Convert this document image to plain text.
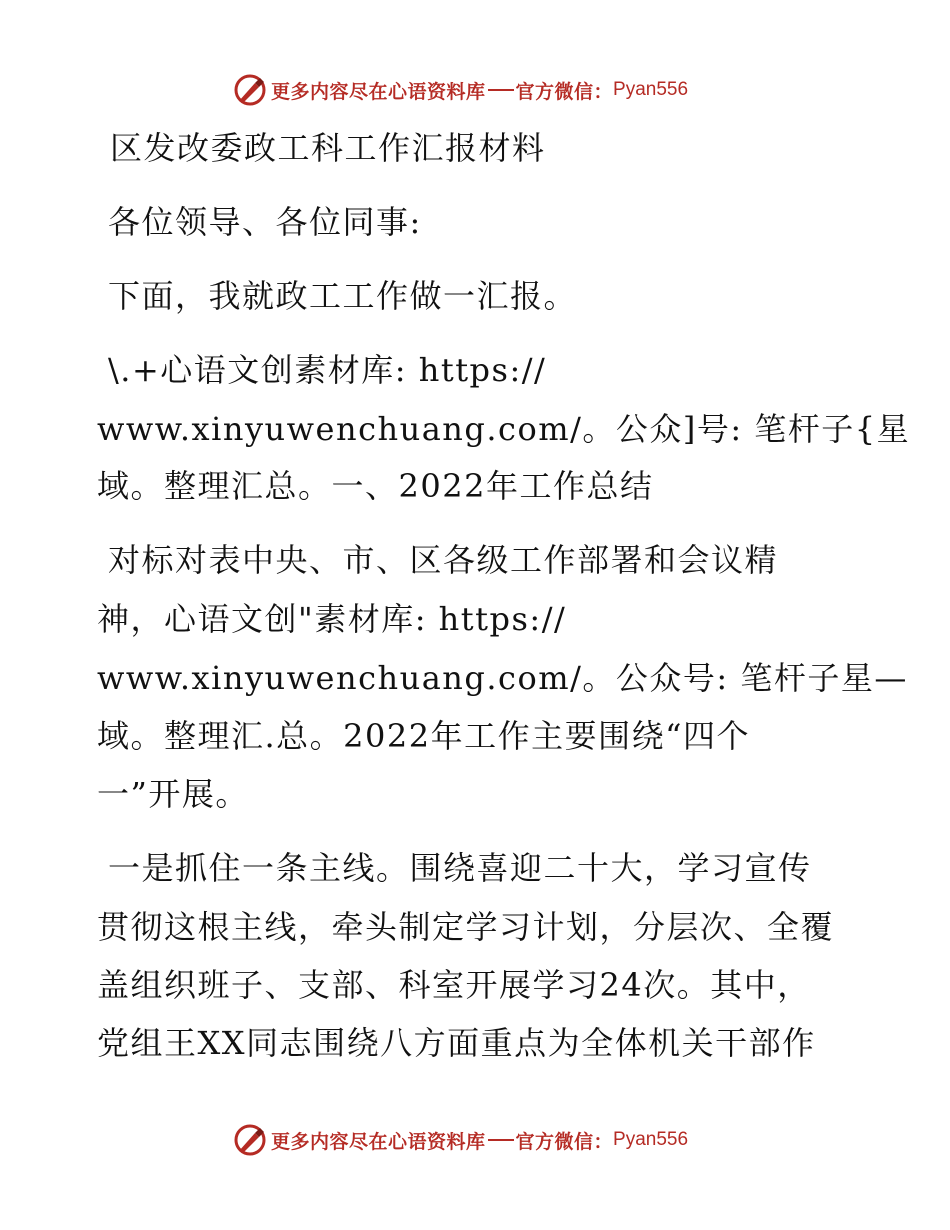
更多内容尽在心语资料库 官方微信： Pyan556
区发改委政工科工作汇报材料
各位领导、各位同事:
下面，我就政工工作做一汇报。
\.+心语文创素材库: https://
www.xinyuwenchuang.com/。公众]号: 笔杆子{星
域。整理汇总。一、2022年工作总结
对标对表中央、市、区各级工作部署和会议精
神，心语文创"素材库: https://
www.xinyuwenchuang.com/。公众号: 笔杆子星—
域。整理汇.总。2022年工作主要围绕“四个
一”开展。
一是抓住一条主线。围绕喜迎二十大，学习宣传
贯彻这根主线，牵头制定学习计划，分层次、全覆
盖组织班子、支部、科室开展学习24次。其中，
党组王XX同志围绕八方面重点为全体机关干部作
更多内容尽在心语资料库 官方微信： Pyan556
